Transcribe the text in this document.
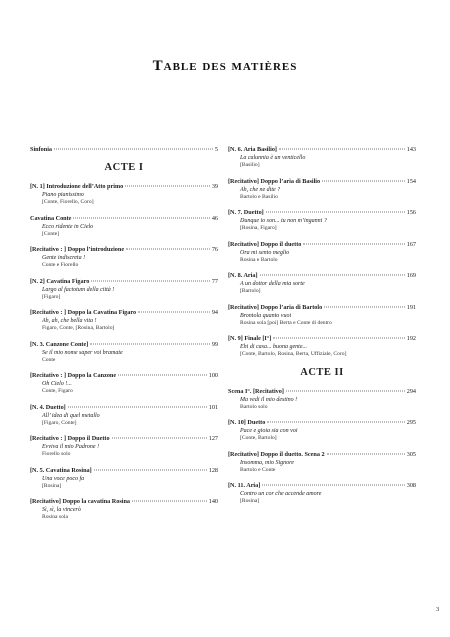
Table des matières
Sinfonia	5
ACTE I
[N. 1] Introduzione dell’Atto primo	39
Piano pianissimo
[Conte, Fiorello, Coro]
Cavatina Conte	46
Ecco ridente in Cielo
[Conte]
[Recitativo : ] Doppo l’introduzione	76
Gente indiscreta !
Conte e Fiorello
[N. 2] Cavatina Figaro	77
Largo al factotum della città !
[Figaro]
[Recitativo : ] Doppo la Cavatina Figaro	94
Ah, ah, che bella vita !
Figaro, Conte, [Rosina, Bartolo]
[N. 3. Canzone Conte]	99
Se il mio nome saper voi bramate
Conte
[Recitativo : ] Doppo la Canzone	100
Oh Cielo !...
Conte, Figaro
[N. 4. Duetto]	101
All’ idea di quel metallo
[Figaro, Conte]
[Recitativo : ] Doppo il Duetto	127
Evviva il mio Padrone !
Fiorello solo
[N. 5. Cavatina Rosina]	128
Una voce poco fa
[Rosina]
[Recitativo] Doppo la cavatina Rosina	140
Sì, sì, la vincerò
Rosina sola
[N. 6. Aria Basilio]	143
La calunnia è un venticello
[Basilio]
[Recitativo] Doppo l’aria di Basilio	154
Ah, che ne dite ?
Bartolo e Basilio
[N. 7. Duetto]	156
Dunque io son... tu non m’inganni ?
[Rosina, Figaro]
[Recitativo] Doppo il duetto	167
Ora mi sento meglio
Rosina e Bartolo
[N. 8. Aria]	169
A un dottor della mia sorte
[Bartolo]
[Recitativo] Doppo l’aria di Bartolo	191
Brontola quanto vuoi
Rosina sola [poi] Berta e Conte di dentro
[N. 9] Finale [I°]	192
Ehi di casa... buona gente...
[Conte, Bartolo, Rosina, Berta, Uffiziale, Coro]
ACTE II
Scena I°. [Recitativo]	294
Ma vedi il mio destino !
Bartolo solo
[N. 10] Duetto	295
Pace e gioia sia con voi
[Conte, Bartolo]
[Recitativo] Doppo il duetto. Scena 2	305
Insomma, mio Signore
Bartolo e Conte
[N. 11. Aria]	308
Contro un cor che accende amore
[Rosina]
3
